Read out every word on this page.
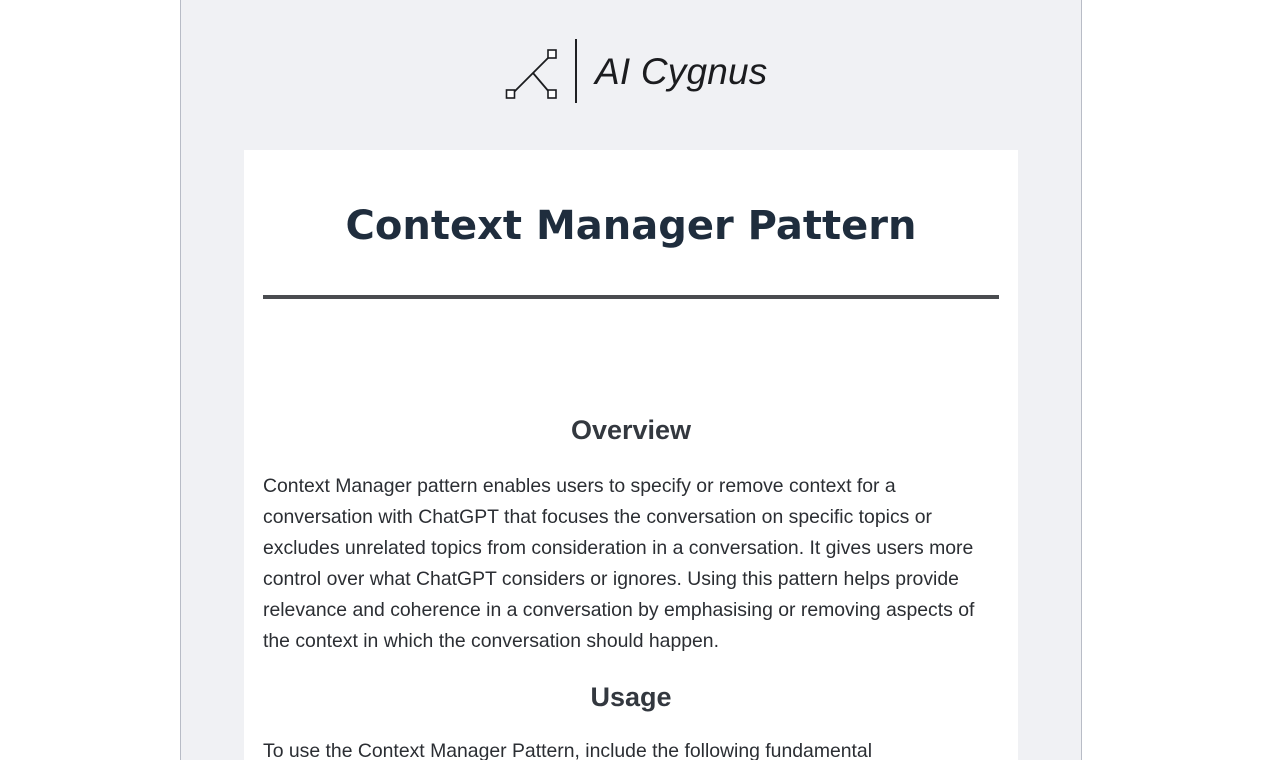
AI Cygnus
Context Manager Pattern
Overview

Context Manager pattern enables users to specify or remove context for a conversation with ChatGPT that focuses the conversation on specific topics or excludes unrelated topics from consideration in a conversation. It gives users more control over what ChatGPT considers or ignores. Using this pattern helps provide relevance and coherence in a conversation by emphasising or removing aspects of the context in which the conversation should happen.

Usage

To use the Context Manager Pattern, include the following fundamental
